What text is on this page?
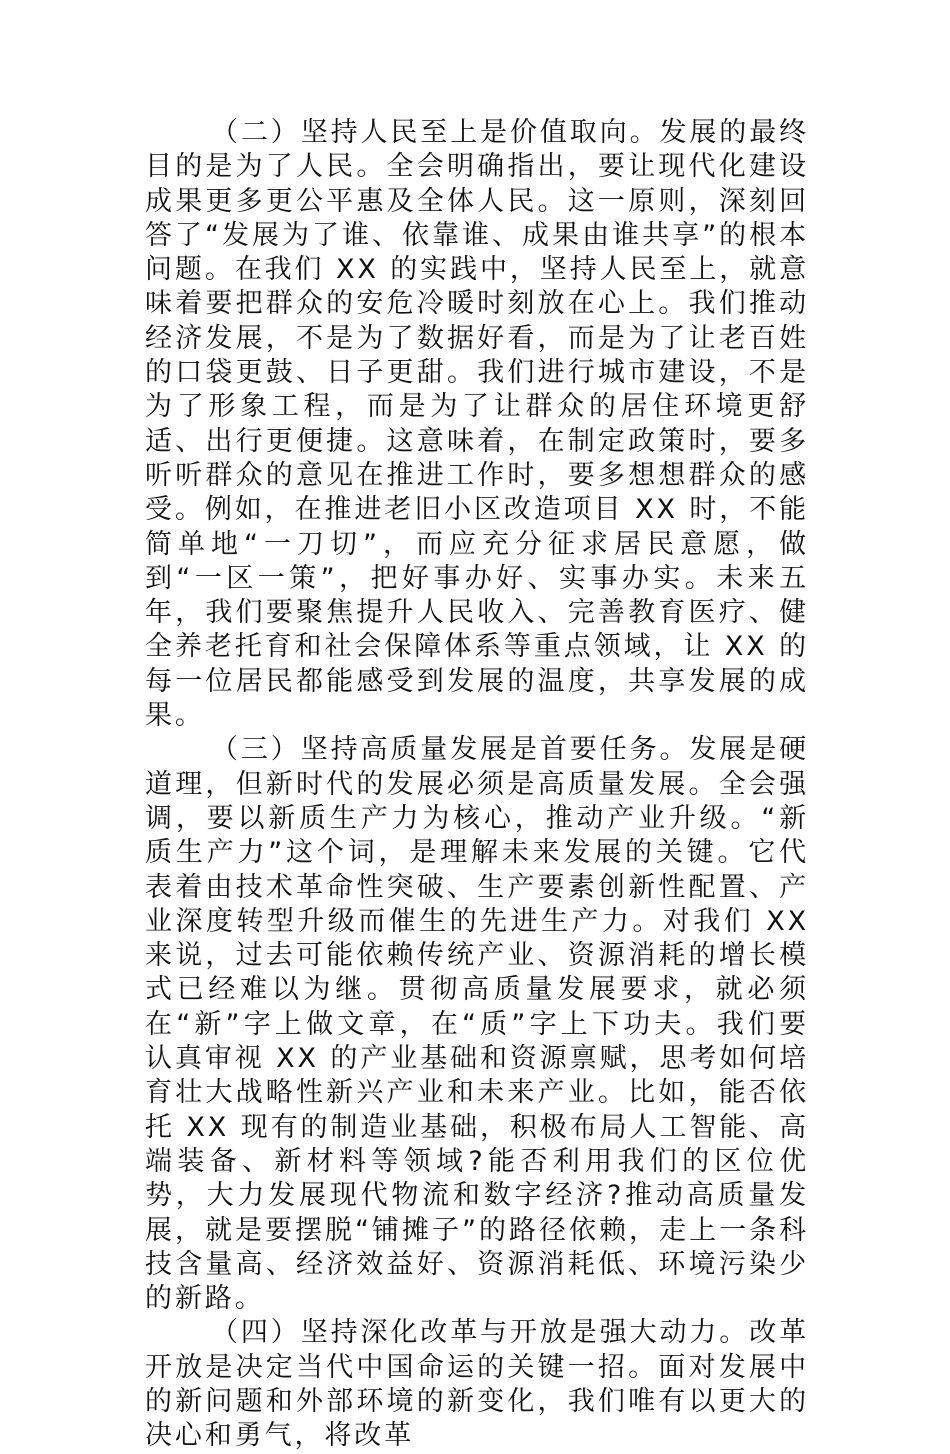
（二）坚持人民至上是价值取向。发展的最终目的是为了人民。全会明确指出，要让现代化建设成果更多更公平惠及全体人民。这一原则，深刻回答了“发展为了谁、依靠谁、成果由谁共享”的根本问题。在我们 XX 的实践中，坚持人民至上，就意味着要把群众的安危冷暖时刻放在心上。我们推动经济发展，不是为了数据好看，而是为了让老百姓的口袋更鼓、日子更甜。我们进行城市建设，不是为了形象工程，而是为了让群众的居住环境更舒适、出行更便捷。这意味着，在制定政策时，要多听听群众的意见在推进工作时，要多想想群众的感受。例如，在推进老旧小区改造项目 XX 时，不能简单地“一刀切”，而应充分征求居民意愿，做到“一区一策”，把好事办好、实事办实。未来五年，我们要聚焦提升人民收入、完善教育医疗、健全养老托育和社会保障体系等重点领域，让 XX 的每一位居民都能感受到发展的温度，共享发展的成果。

（三）坚持高质量发展是首要任务。发展是硬道理，但新时代的发展必须是高质量发展。全会强调，要以新质生产力为核心，推动产业升级。“新质生产力”这个词，是理解未来发展的关键。它代表着由技术革命性突破、生产要素创新性配置、产业深度转型升级而催生的先进生产力。对我们 XX 来说，过去可能依赖传统产业、资源消耗的增长模式已经难以为继。贯彻高质量发展要求，就必须在“新”字上做文章，在“质”字上下功夫。我们要认真审视 XX 的产业基础和资源禀赋，思考如何培育壮大战略性新兴产业和未来产业。比如，能否依托 XX 现有的制造业基础，积极布局人工智能、高端装备、新材料等领域?能否利用我们的区位优势，大力发展现代物流和数字经济?推动高质量发展，就是要摆脱“铺摊子”的路径依赖，走上一条科技含量高、经济效益好、资源消耗低、环境污染少的新路。

（四）坚持深化改革与开放是强大动力。改革开放是决定当代中国命运的关键一招。面对发展中的新问题和外部环境的新变化，我们唯有以更大的决心和勇气，将改革
